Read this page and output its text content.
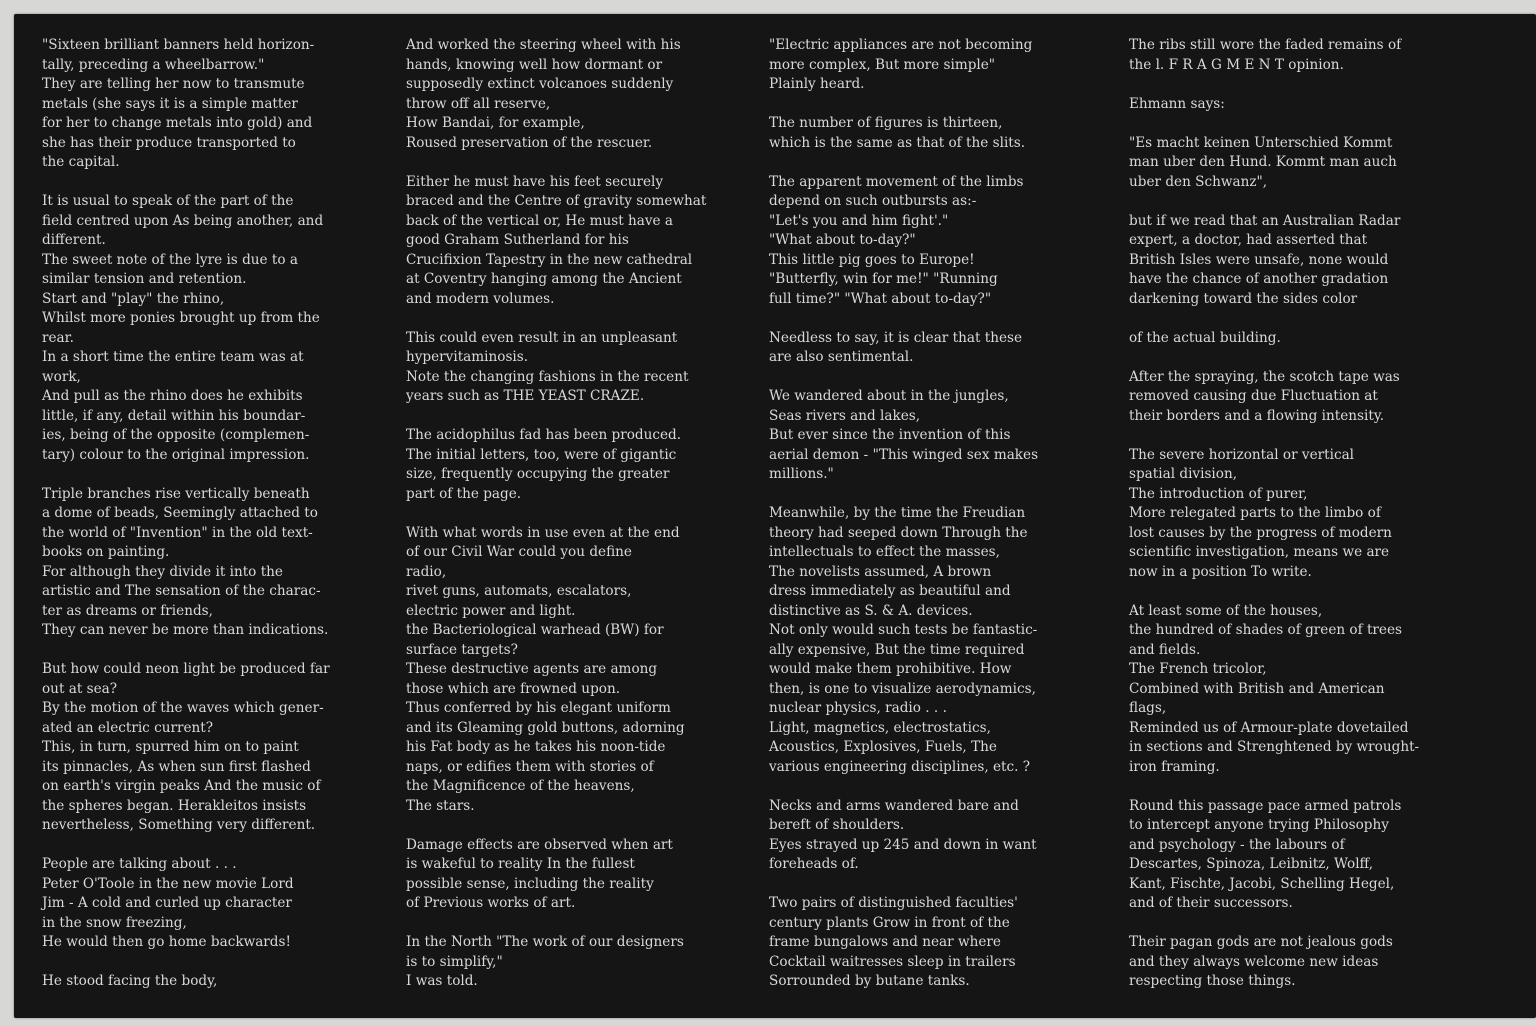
"Sixteen brilliant banners held horizon-
tally, preceding a wheelbarrow."
They are telling her now to transmute
metals (she says it is a simple matter
for her to change metals into gold) and
she has their produce transported to
the capital.
It is usual to speak of the part of the
field centred upon As being another, and
different.
The sweet note of the lyre is due to a
similar tension and retention.
Start and "play" the rhino,
Whilst more ponies brought up from the
rear.
In a short time the entire team was at
work,
And pull as the rhino does he exhibits
little, if any, detail within his boundar-
ies, being of the opposite (complemen-
tary) colour to the original impression.
Triple branches rise vertically beneath
a dome of beads, Seemingly attached to
the world of "Invention" in the old text-
books on painting.
For although they divide it into the
artistic and The sensation of the charac-
ter as dreams or friends,
They can never be more than indications.
But how could neon light be produced far
out at sea?
By the motion of the waves which gener-
ated an electric current?
This, in turn, spurred him on to paint
its pinnacles, As when sun first flashed
on earth's virgin peaks And the music of
the spheres began. Herakleitos insists
nevertheless, Something very different.
People are talking about . . .
Peter O'Toole in the new movie Lord
Jim - A cold and curled up character
in the snow freezing,
He would then go home backwards!
He stood facing the body,
And worked the steering wheel with his
hands, knowing well how dormant or
supposedly extinct volcanoes suddenly
throw off all reserve,
How Bandai, for example,
Roused preservation of the rescuer.
Either he must have his feet securely
braced and the Centre of gravity somewhat
back of the vertical or, He must have a
good Graham Sutherland for his
Crucifixion Tapestry in the new cathedral
at Coventry hanging among the Ancient
and modern volumes.
This could even result in an unpleasant
hypervitaminosis.
Note the changing fashions in the recent
years such as THE YEAST CRAZE.
The acidophilus fad has been produced.
The initial letters, too, were of gigantic
size, frequently occupying the greater
part of the page.
With what words in use even at the end
of our Civil War could you define
radio,
rivet guns, automats, escalators,
electric power and light.
the Bacteriological warhead (BW) for
surface targets?
These destructive agents are among
those which are frowned upon.
Thus conferred by his elegant uniform
and its Gleaming gold buttons, adorning
his Fat body as he takes his noon-tide
naps, or edifies them with stories of
the Magnificence of the heavens,
The stars.
Damage effects are observed when art
is wakeful to reality In the fullest
possible sense, including the reality
of Previous works of art.
In the North "The work of our designers
is to simplify,"
I was told.
"Electric appliances are not becoming
more complex, But more simple"
Plainly heard.
The number of figures is thirteen,
which is the same as that of the slits.
The apparent movement of the limbs
depend on such outbursts as:-
"Let's you and him fight'."
"What about to-day?"
This little pig goes to Europe!
"Butterfly, win for me!" "Running
full time?" "What about to-day?"
Needless to say, it is clear that these
are also sentimental.
We wandered about in the jungles,
Seas rivers and lakes,
But ever since the invention of this
aerial demon - "This winged sex makes
millions."
Meanwhile, by the time the Freudian
theory had seeped down Through the
intellectuals to effect the masses,
The novelists assumed, A brown
dress immediately as beautiful and
distinctive as S. & A. devices.
Not only would such tests be fantastic-
ally expensive, But the time required
would make them prohibitive. How
then, is one to visualize aerodynamics,
nuclear physics, radio . . .
Light, magnetics, electrostatics,
Acoustics, Explosives, Fuels, The
various engineering disciplines, etc. ?
Necks and arms wandered bare and
bereft of shoulders.
Eyes strayed up 245 and down in want
foreheads of.
Two pairs of distinguished faculties'
century plants Grow in front of the
frame bungalows and near where
Cocktail waitresses sleep in trailers
Sorrounded by butane tanks.
The ribs still wore the faded remains of
the l. F R A G M E N T opinion.
Ehmann says:
"Es macht keinen Unterschied Kommt
man uber den Hund. Kommt man auch
uber den Schwanz",
but if we read that an Australian Radar
expert, a doctor, had asserted that
British Isles were unsafe, none would
have the chance of another gradation
darkening toward the sides color
of the actual building.
After the spraying, the scotch tape was
removed causing due Fluctuation at
their borders and a flowing intensity.
The severe horizontal or vertical
spatial division,
The introduction of purer,
More relegated parts to the limbo of
lost causes by the progress of modern
scientific investigation, means we are
now in a position To write.
At least some of the houses,
the hundred of shades of green of trees
and fields.
The French tricolor,
Combined with British and American
flags,
Reminded us of Armour-plate dovetailed
in sections and Strenghtened by wrought-
iron framing.
Round this passage pace armed patrols
to intercept anyone trying Philosophy
and psychology - the labours of
Descartes, Spinoza, Leibnitz, Wolff,
Kant, Fischte, Jacobi, Schelling Hegel,
and of their successors.
Their pagan gods are not jealous gods
and they always welcome new ideas
respecting those things.
